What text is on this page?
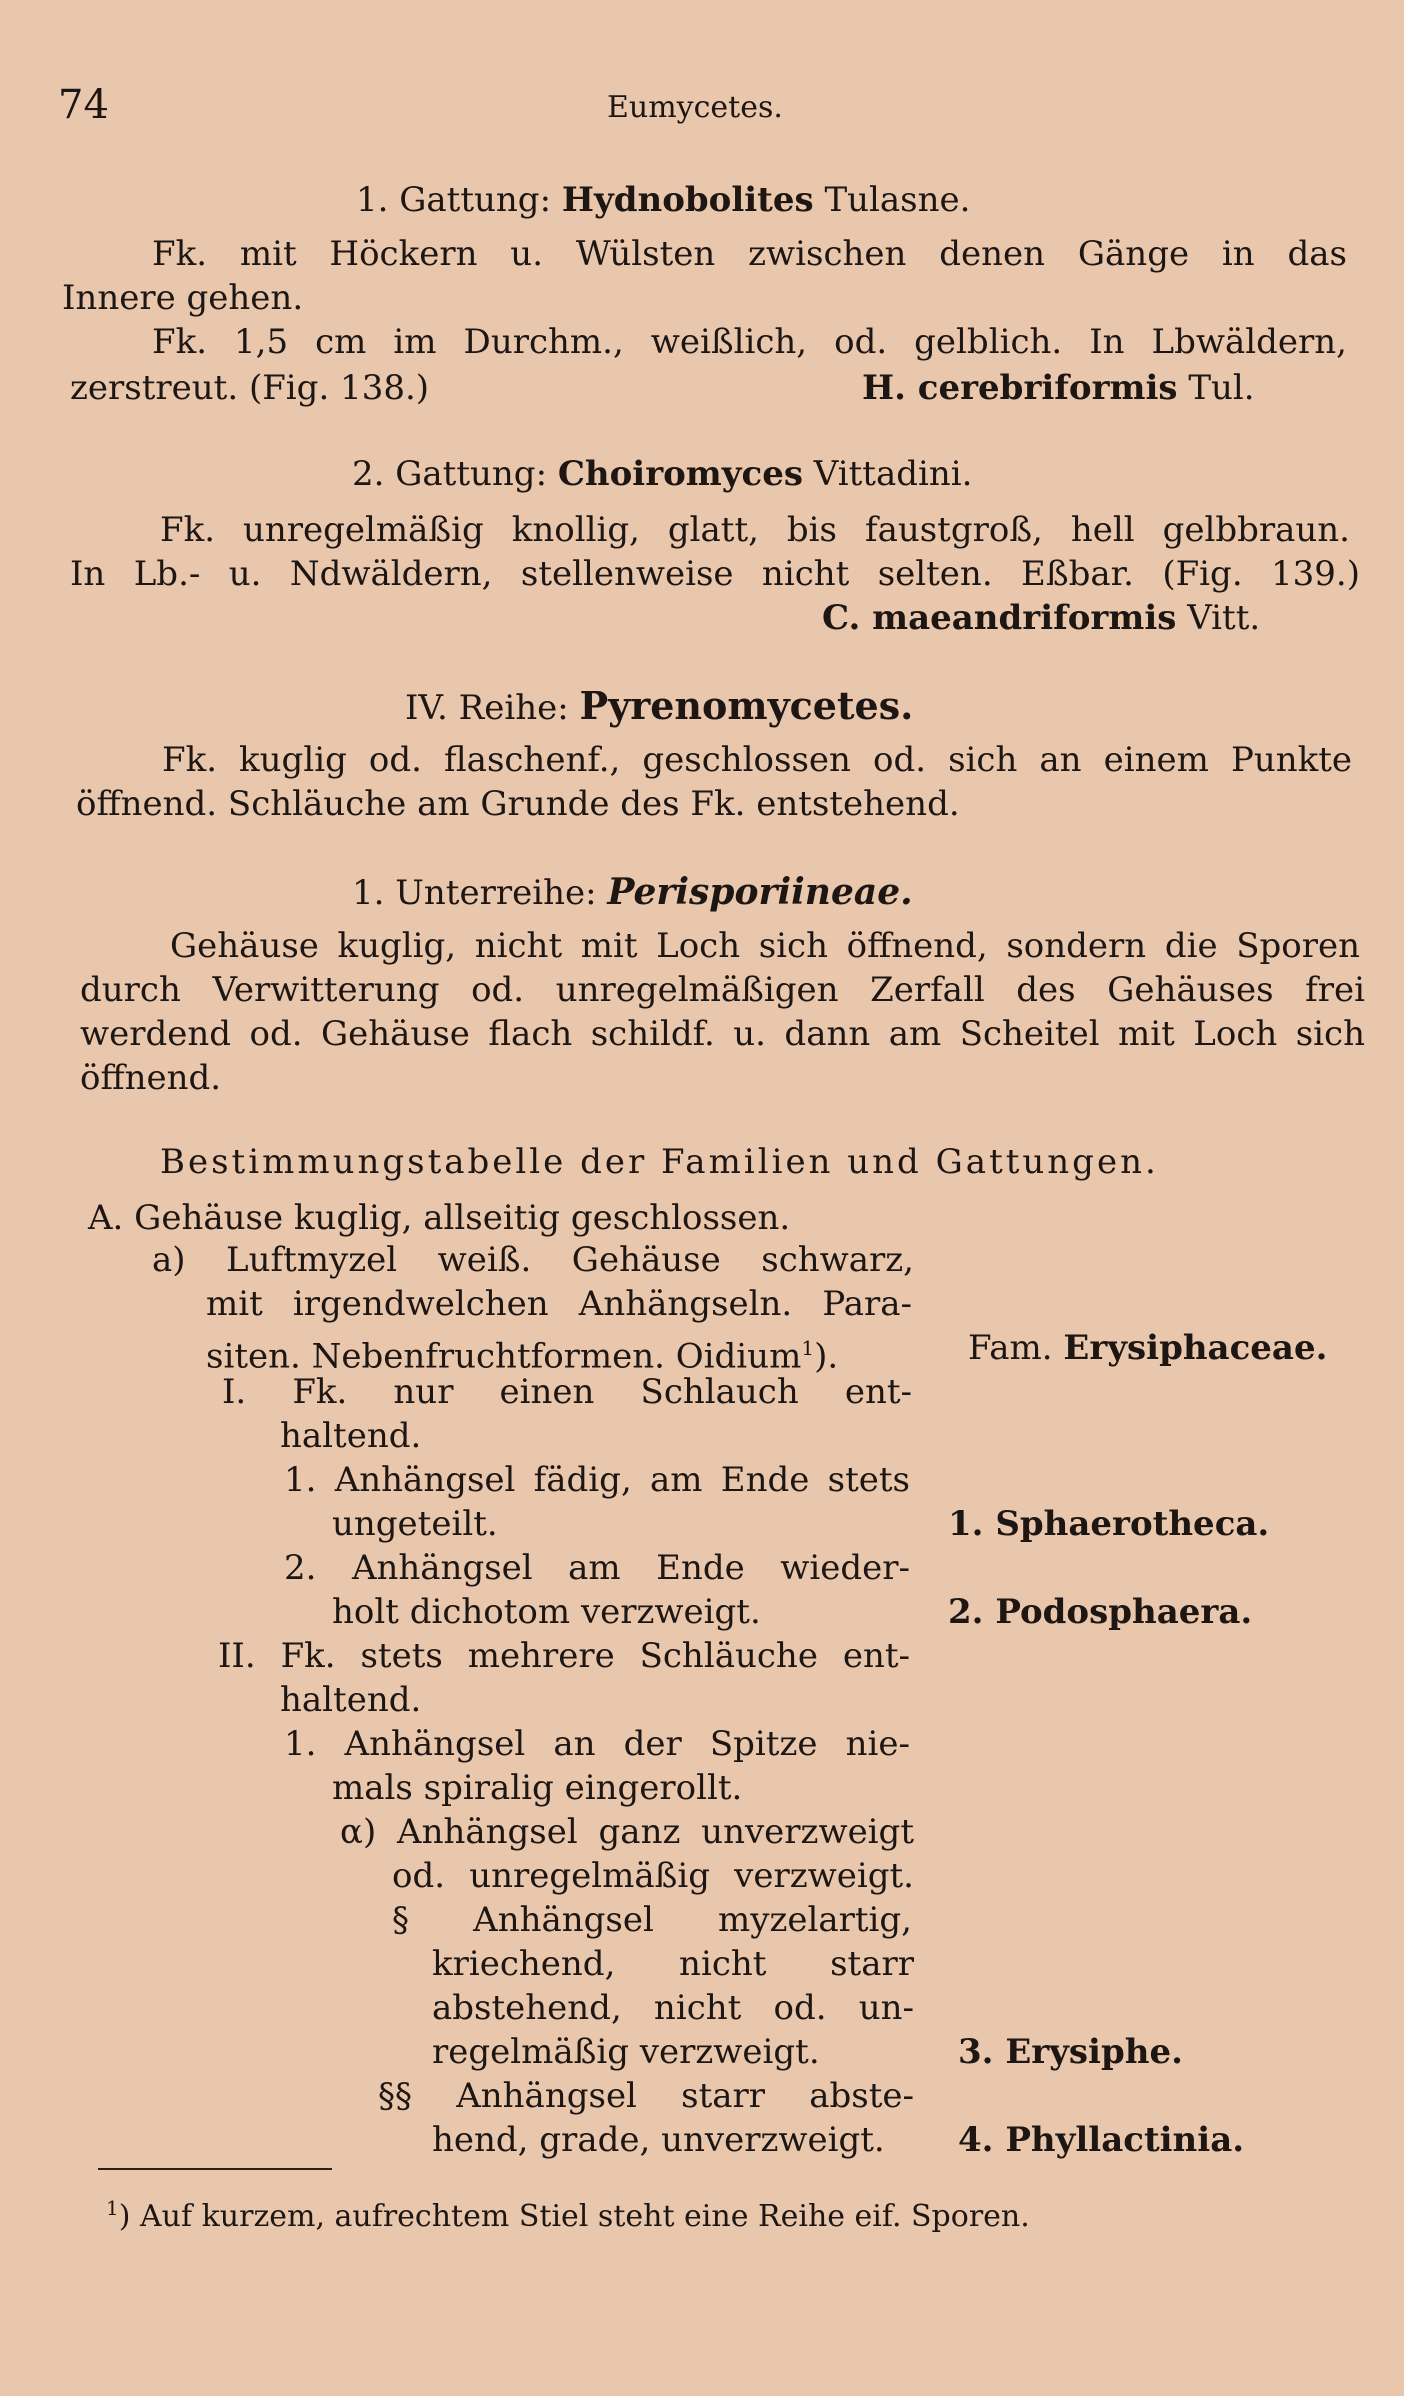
74	Eumycetes.
1. Gattung: Hydnobolites Tulasne.
Fk. mit Höckern u. Wülsten zwischen denen Gänge in das
Innere gehen.
Fk. 1,5 cm im Durchm., weißlich, od. gelblich. In Lbwäldern,
zerstreut. (Fig. 138.)	H. cerebriformis Tul.
2. Gattung: Choiromyces Vittadini.
Fk. unregelmäßig knollig, glatt, bis faustgroß, hell gelbbraun.
In Lb.- u. Ndwäldern, stellenweise nicht selten. Eßbar. (Fig. 139.)
C. maeandriformis Vitt.
IV. Reihe: Pyrenomycetes.
Fk. kuglig od. flaschenf., geschlossen od. sich an einem Punkte
öffnend. Schläuche am Grunde des Fk. entstehend.
1. Unterreihe: Perisporiineae.
Gehäuse kuglig, nicht mit Loch sich öffnend, sondern die Sporen
durch Verwitterung od. unregelmäßigen Zerfall des Gehäuses frei
werdend od. Gehäuse flach schildf. u. dann am Scheitel mit Loch sich
öffnend.
Bestimmungstabelle der Familien und Gattungen.
A. Gehäuse kuglig, allseitig geschlossen.
a) Luftmyzel weiß. Gehäuse schwarz,
mit irgendwelchen Anhängseln. Para-
siten. Nebenfruchtformen. Oidium$^1$).	Fam. Erysiphaceae.
I. Fk. nur einen Schlauch ent-
haltend.
1. Anhängsel fädig, am Ende stets
ungeteilt.	1. Sphaerotheca.
2. Anhängsel am Ende wieder-
holt dichotom verzweigt.	2. Podosphaera.
II. Fk. stets mehrere Schläuche ent-
haltend.
1. Anhängsel an der Spitze nie-
mals spiralig eingerollt.
α) Anhängsel ganz unverzweigt
od. unregelmäßig verzweigt.
§ Anhängsel myzelartig,
kriechend, nicht starr
abstehend, nicht od. un-
regelmäßig verzweigt.	3. Erysiphe.
§§ Anhängsel starr abste-
hend, grade, unverzweigt. 4. Phyllactinia.
$^1$) Auf kurzem, aufrechtem Stiel steht eine Reihe eif. Sporen.
